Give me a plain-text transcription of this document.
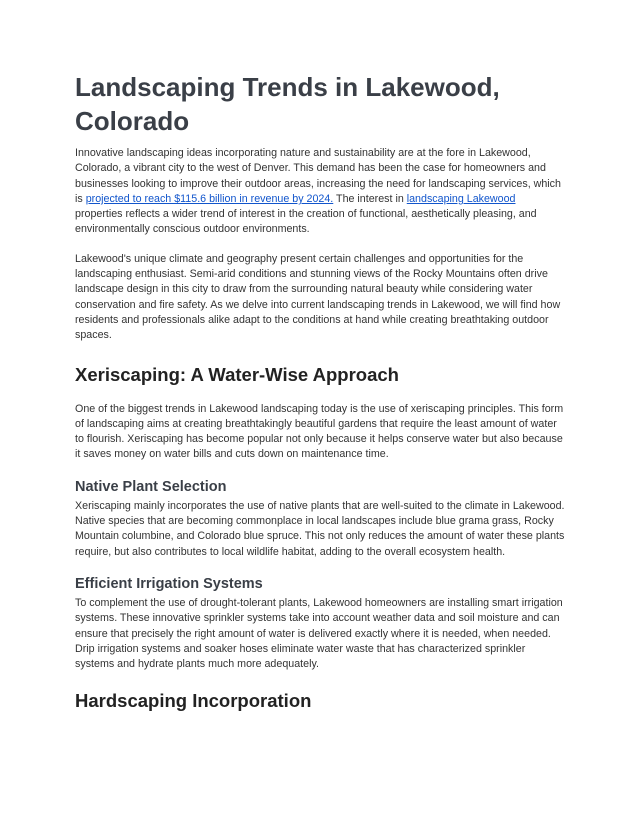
Landscaping Trends in Lakewood, Colorado

Innovative landscaping ideas incorporating nature and sustainability are at the fore in Lakewood, Colorado, a vibrant city to the west of Denver. This demand has been the case for homeowners and businesses looking to improve their outdoor areas, increasing the need for landscaping services, which is projected to reach $115.6 billion in revenue by 2024. The interest in landscaping Lakewood properties reflects a wider trend of interest in the creation of functional, aesthetically pleasing, and environmentally conscious outdoor environments.

Lakewood's unique climate and geography present certain challenges and opportunities for the landscaping enthusiast. Semi-arid conditions and stunning views of the Rocky Mountains often drive landscape design in this city to draw from the surrounding natural beauty while considering water conservation and fire safety. As we delve into current landscaping trends in Lakewood, we will find how residents and professionals alike adapt to the conditions at hand while creating breathtaking outdoor spaces.

Xeriscaping: A Water-Wise Approach

One of the biggest trends in Lakewood landscaping today is the use of xeriscaping principles. This form of landscaping aims at creating breathtakingly beautiful gardens that require the least amount of water to flourish. Xeriscaping has become popular not only because it helps conserve water but also because it saves money on water bills and cuts down on maintenance time.

Native Plant Selection

Xeriscaping mainly incorporates the use of native plants that are well-suited to the climate in Lakewood. Native species that are becoming commonplace in local landscapes include blue grama grass, Rocky Mountain columbine, and Colorado blue spruce. This not only reduces the amount of water these plants require, but also contributes to local wildlife habitat, adding to the overall ecosystem health.

Efficient Irrigation Systems

To complement the use of drought-tolerant plants, Lakewood homeowners are installing smart irrigation systems. These innovative sprinkler systems take into account weather data and soil moisture and can ensure that precisely the right amount of water is delivered exactly where it is needed, when needed. Drip irrigation systems and soaker hoses eliminate water waste that has characterized sprinkler systems and hydrate plants much more adequately.

Hardscaping Incorporation
